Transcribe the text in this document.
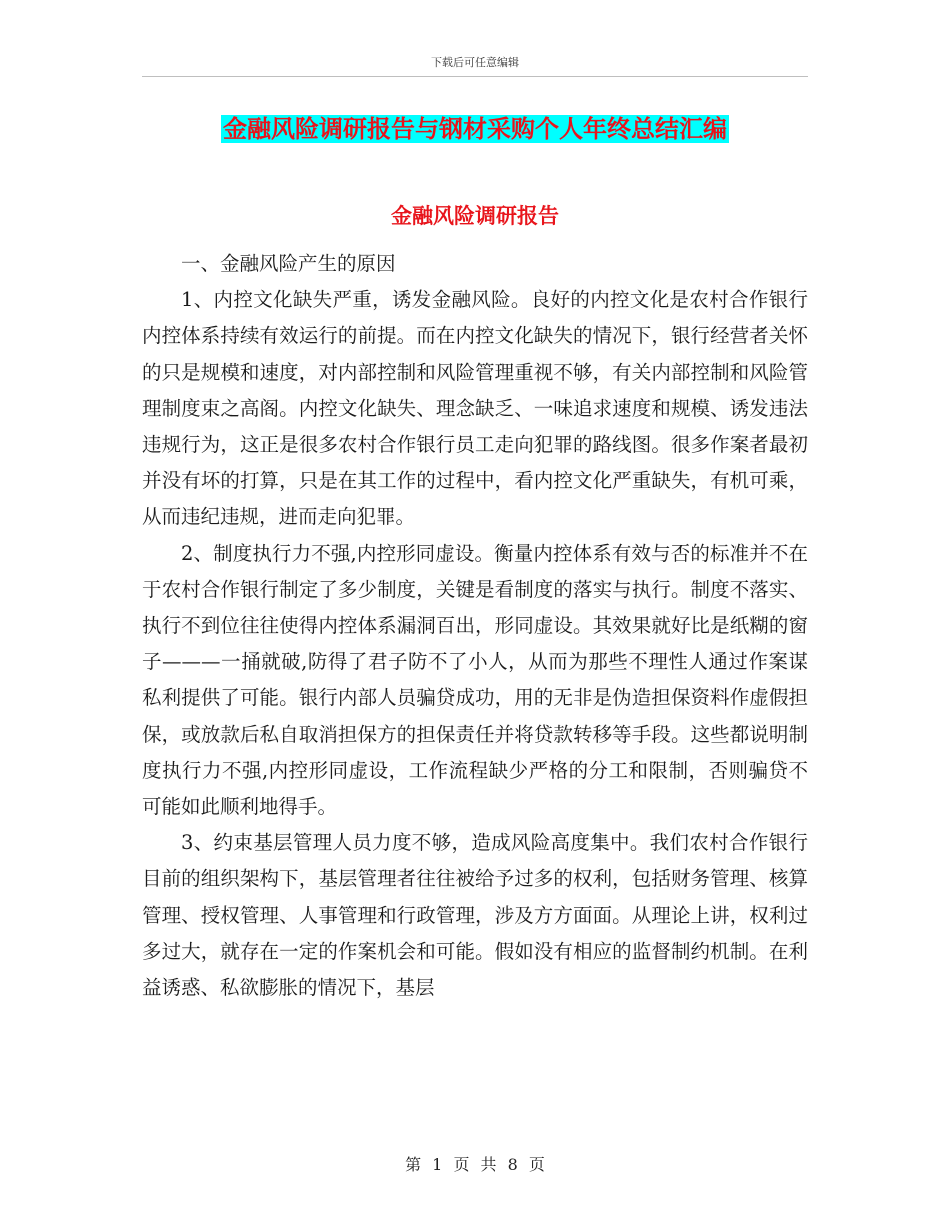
下载后可任意编辑
金融风险调研报告与钢材采购个人年终总结汇编
金融风险调研报告

一、金融风险产生的原因

1、内控文化缺失严重，诱发金融风险。良好的内控文化是农村合作银行内控体系持续有效运行的前提。而在内控文化缺失的情况下，银行经营者关怀的只是规模和速度，对内部控制和风险管理重视不够，有关内部控制和风险管理制度束之高阁。内控文化缺失、理念缺乏、一味追求速度和规模、诱发违法违规行为，这正是很多农村合作银行员工走向犯罪的路线图。很多作案者最初并没有坏的打算，只是在其工作的过程中，看内控文化严重缺失，有机可乘，从而违纪违规，进而走向犯罪。

2、制度执行力不强,内控形同虚设。衡量内控体系有效与否的标准并不在于农村合作银行制定了多少制度，关键是看制度的落实与执行。制度不落实、执行不到位往往使得内控体系漏洞百出，形同虚设。其效果就好比是纸糊的窗子———一捅就破,防得了君子防不了小人，从而为那些不理性人通过作案谋私利提供了可能。银行内部人员骗贷成功，用的无非是伪造担保资料作虚假担保，或放款后私自取消担保方的担保责任并将贷款转移等手段。这些都说明制度执行力不强,内控形同虚设，工作流程缺少严格的分工和限制，否则骗贷不可能如此顺利地得手。

3、约束基层管理人员力度不够，造成风险高度集中。我们农村合作银行目前的组织架构下，基层管理者往往被给予过多的权利，包括财务管理、核算管理、授权管理、人事管理和行政管理，涉及方方面面。从理论上讲，权利过多过大，就存在一定的作案机会和可能。假如没有相应的监督制约机制。在利益诱惑、私欲膨胀的情况下，基层

第 1 页 共 8 页
